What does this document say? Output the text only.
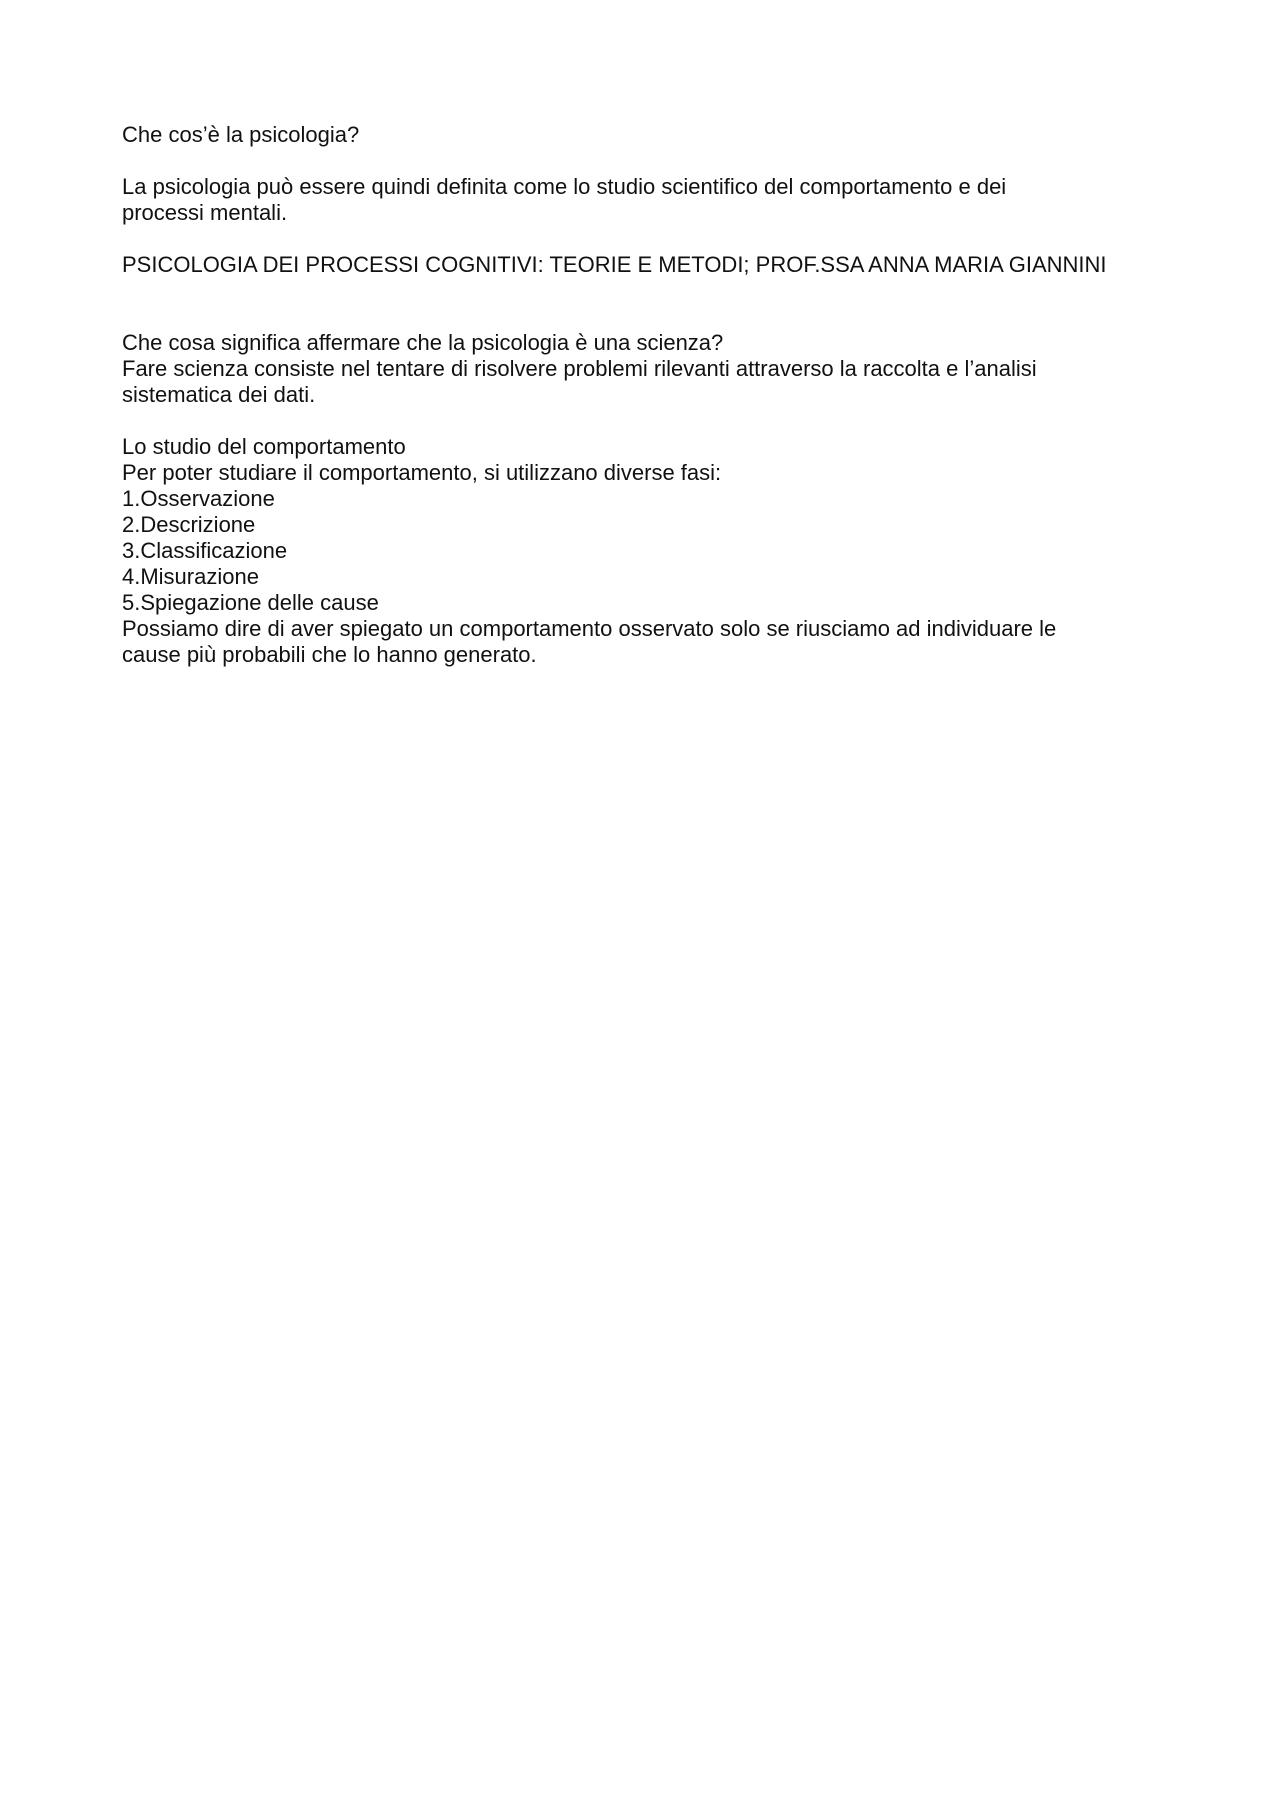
Che cos’è la psicologia?
La psicologia può essere quindi definita come lo studio scientifico del comportamento e dei
processi mentali.
PSICOLOGIA DEI PROCESSI COGNITIVI: TEORIE E METODI; PROF.SSA ANNA MARIA GIANNINI
Che cosa significa affermare che la psicologia è una scienza?
Fare scienza consiste nel tentare di risolvere problemi rilevanti attraverso la raccolta e l’analisi
sistematica dei dati.
Lo studio del comportamento
Per poter studiare il comportamento, si utilizzano diverse fasi:
1.Osservazione
2.Descrizione
3.Classificazione
4.Misurazione
5.Spiegazione delle cause
Possiamo dire di aver spiegato un comportamento osservato solo se riusciamo ad individuare le
cause più probabili che lo hanno generato.
